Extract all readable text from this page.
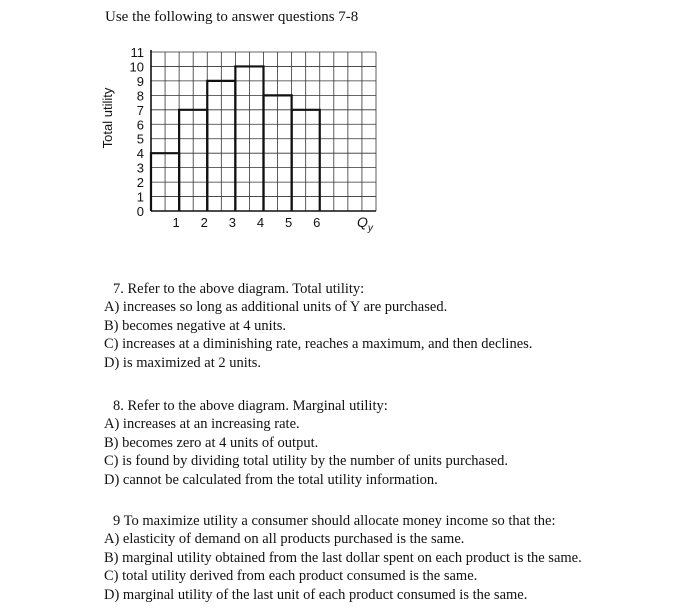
Use the following to answer questions 7-8
0
1
2
3
4
5
6
7
8
9
10
11
1 2 3 4 5 6
Total utility
$Q_y$
7. Refer to the above diagram. Total utility:
A) increases so long as additional units of Y are purchased.
B) becomes negative at 4 units.
C) increases at a diminishing rate, reaches a maximum, and then declines.
D) is maximized at 2 units.
8. Refer to the above diagram. Marginal utility:
A) increases at an increasing rate.
B) becomes zero at 4 units of output.
C) is found by dividing total utility by the number of units purchased.
D) cannot be calculated from the total utility information.
9 To maximize utility a consumer should allocate money income so that the:
A) elasticity of demand on all products purchased is the same.
B) marginal utility obtained from the last dollar spent on each product is the same.
C) total utility derived from each product consumed is the same.
D) marginal utility of the last unit of each product consumed is the same.
